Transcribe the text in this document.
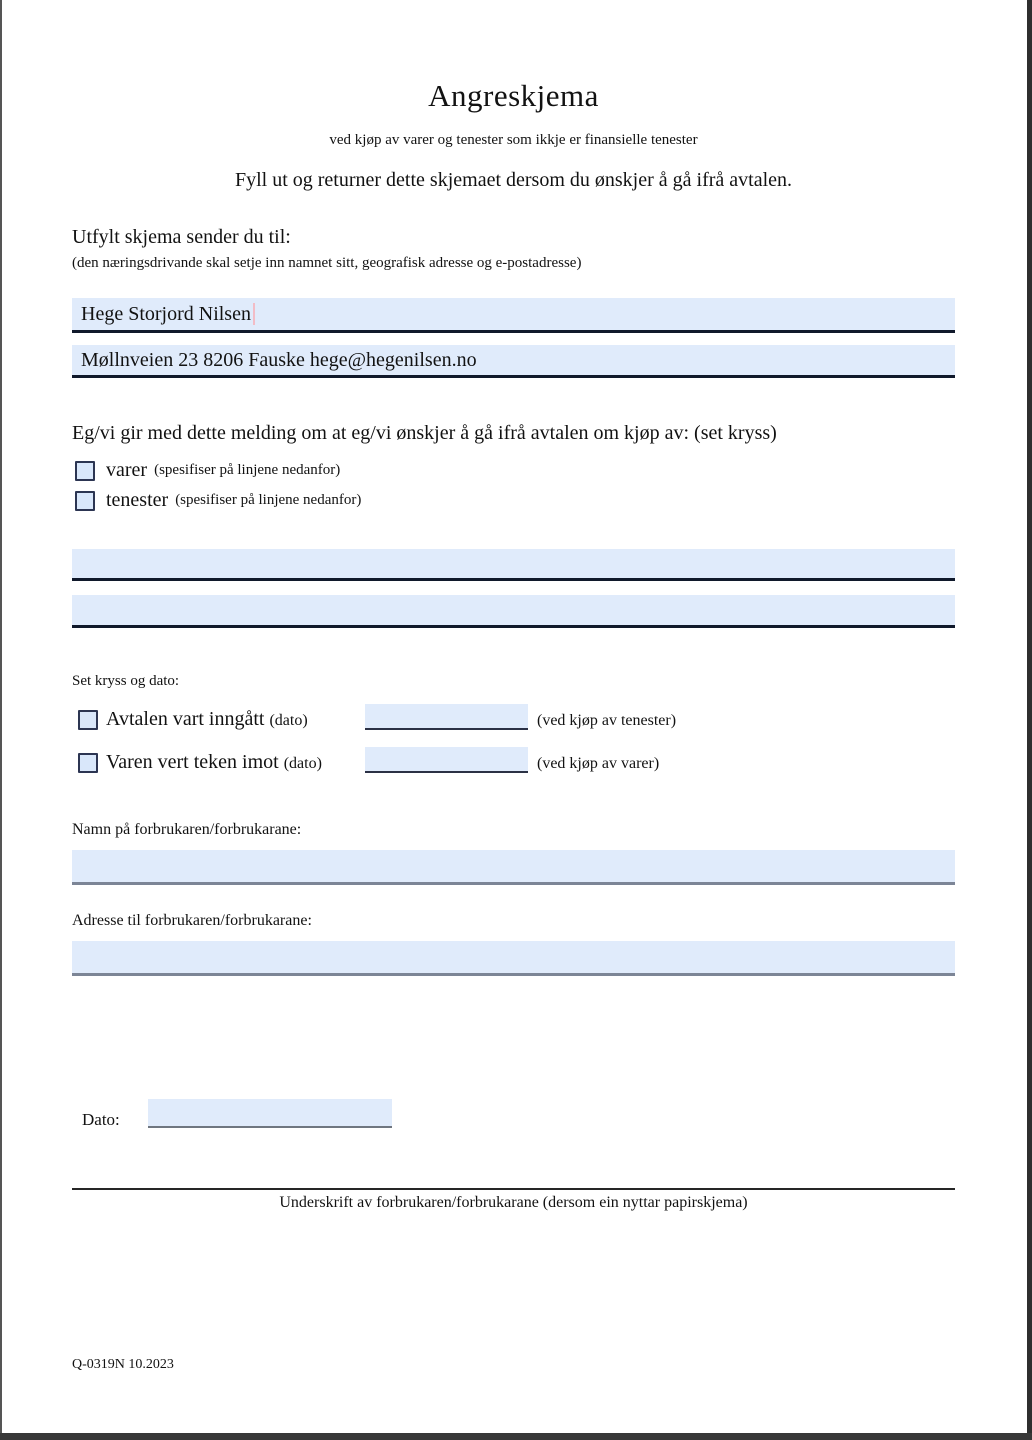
Angreskjema
ved kjøp av varer og tenester som ikkje er finansielle tenester
Fyll ut og returner dette skjemaet dersom du ønskjer å gå ifrå avtalen.
Utfylt skjema sender du til:
(den næringsdrivande skal setje inn namnet sitt, geografisk adresse og e-postadresse)
Hege Storjord Nilsen
Møllnveien 23 8206 Fauske hege@hegenilsen.no
Eg/vi gir med dette melding om at eg/vi ønskjer å gå ifrå avtalen om kjøp av: (set kryss)
varer (spesifiser på linjene nedanfor)
tenester (spesifiser på linjene nedanfor)
Set kryss og dato:
Avtalen vart inngått (dato)	(ved kjøp av tenester)
Varen vert teken imot (dato)	(ved kjøp av varer)
Namn på forbrukaren/forbrukarane:
Adresse til forbrukaren/forbrukarane:
Dato:
Underskrift av forbrukaren/forbrukarane (dersom ein nyttar papirskjema)
Q-0319N 10.2023
